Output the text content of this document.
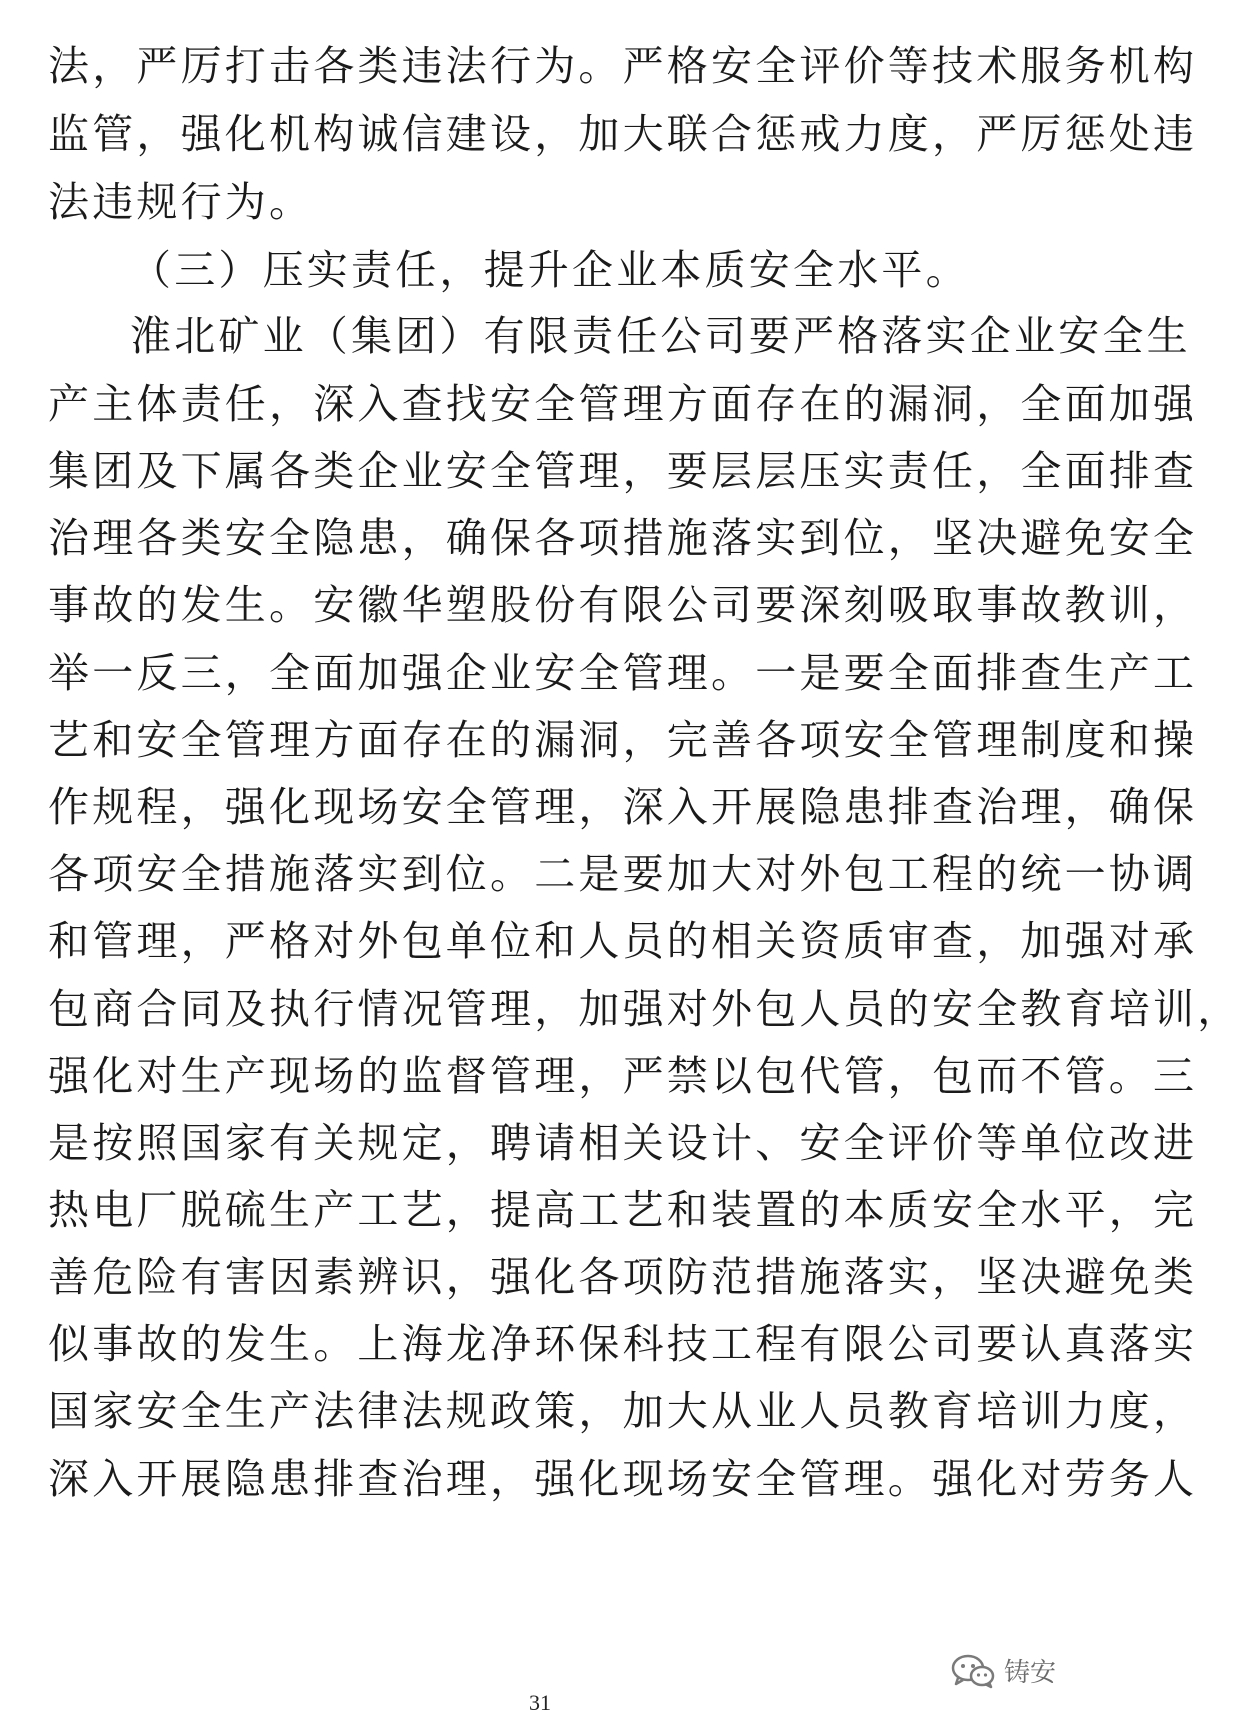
法，严厉打击各类违法行为。严格安全评价等技术服务机构
监管，强化机构诚信建设，加大联合惩戒力度，严厉惩处违
法违规行为。
（三）压实责任，提升企业本质安全水平。
淮北矿业（集团）有限责任公司要严格落实企业安全生
产主体责任，深入查找安全管理方面存在的漏洞，全面加强
集团及下属各类企业安全管理，要层层压实责任，全面排查
治理各类安全隐患，确保各项措施落实到位，坚决避免安全
事故的发生。安徽华塑股份有限公司要深刻吸取事故教训，
举一反三，全面加强企业安全管理。一是要全面排查生产工
艺和安全管理方面存在的漏洞，完善各项安全管理制度和操
作规程，强化现场安全管理，深入开展隐患排查治理，确保
各项安全措施落实到位。二是要加大对外包工程的统一协调
和管理，严格对外包单位和人员的相关资质审查，加强对承
包商合同及执行情况管理，加强对外包人员的安全教育培训，
强化对生产现场的监督管理，严禁以包代管，包而不管。三
是按照国家有关规定，聘请相关设计、安全评价等单位改进
热电厂脱硫生产工艺，提高工艺和装置的本质安全水平，完
善危险有害因素辨识，强化各项防范措施落实，坚决避免类
似事故的发生。上海龙净环保科技工程有限公司要认真落实
国家安全生产法律法规政策，加大从业人员教育培训力度，
深入开展隐患排查治理，强化现场安全管理。强化对劳务人
铸安
31
